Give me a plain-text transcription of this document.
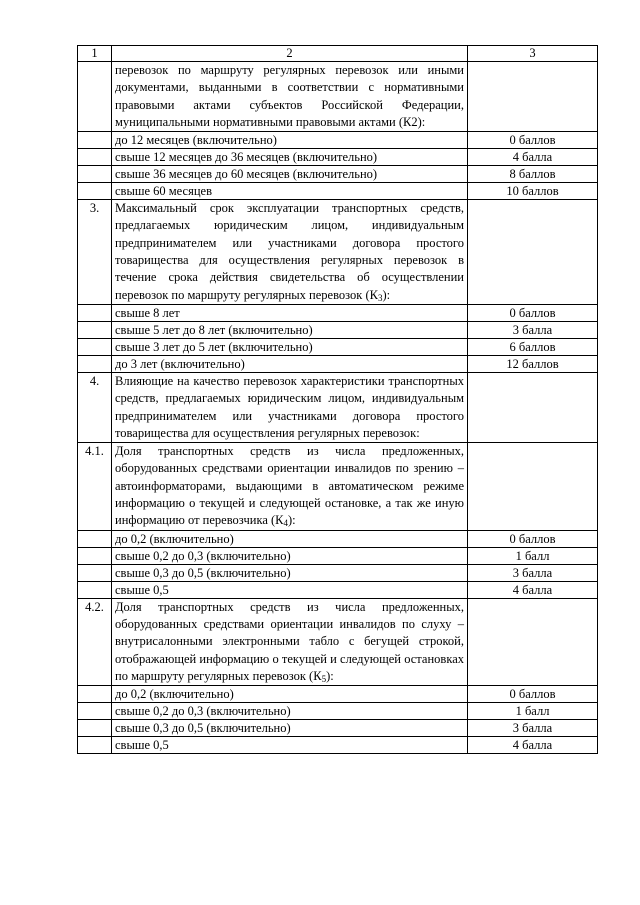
1	2	3
	перевозок по маршруту регулярных перевозок или иными документами, выданными в соответствии с нормативными правовыми актами субъектов Российской Федерации, муниципальными нормативными правовыми актами (К2):	
	до 12 месяцев (включительно)	0 баллов
	свыше 12 месяцев до 36 месяцев (включительно)	4 балла
	свыше 36 месяцев до 60 месяцев (включительно)	8 баллов
	свыше 60 месяцев	10 баллов
3.	Максимальный срок эксплуатации транспортных средств, предлагаемых юридическим лицом, индивидуальным предпринимателем или участниками договора простого товарищества для осуществления регулярных перевозок в течение срока действия свидетельства об осуществлении перевозок по маршруту регулярных перевозок $(К_3)$:	
	свыше 8 лет	0 баллов
	свыше 5 лет до 8 лет (включительно)	3 балла
	свыше 3 лет до 5 лет (включительно)	6 баллов
	до 3 лет (включительно)	12 баллов
4.	Влияющие на качество перевозок характеристики транспортных средств, предлагаемых юридическим лицом, индивидуальным предпринимателем или участниками договора простого товарищества для осуществления регулярных перевозок:	
4.1.	Доля транспортных средств из числа предложенных, оборудованных средствами ориентации инвалидов по зрению – автоинформаторами, выдающими в автоматическом режиме информацию о текущей и следующей остановке, а так же иную информацию от перевозчика $(К_4)$:	
	до 0,2 (включительно)	0 баллов
	свыше 0,2 до 0,3 (включительно)	1 балл
	свыше 0,3 до 0,5 (включительно)	3 балла
	свыше 0,5	4 балла
4.2.	Доля транспортных средств из числа предложенных, оборудованных средствами ориентации инвалидов по слуху – внутрисалонными электронными табло с бегущей строкой, отображающей информацию о текущей и следующей остановках по маршруту регулярных перевозок $(К_5)$:	
	до 0,2 (включительно)	0 баллов
	свыше 0,2 до 0,3 (включительно)	1 балл
	свыше 0,3 до 0,5 (включительно)	3 балла
	свыше 0,5	4 балла
